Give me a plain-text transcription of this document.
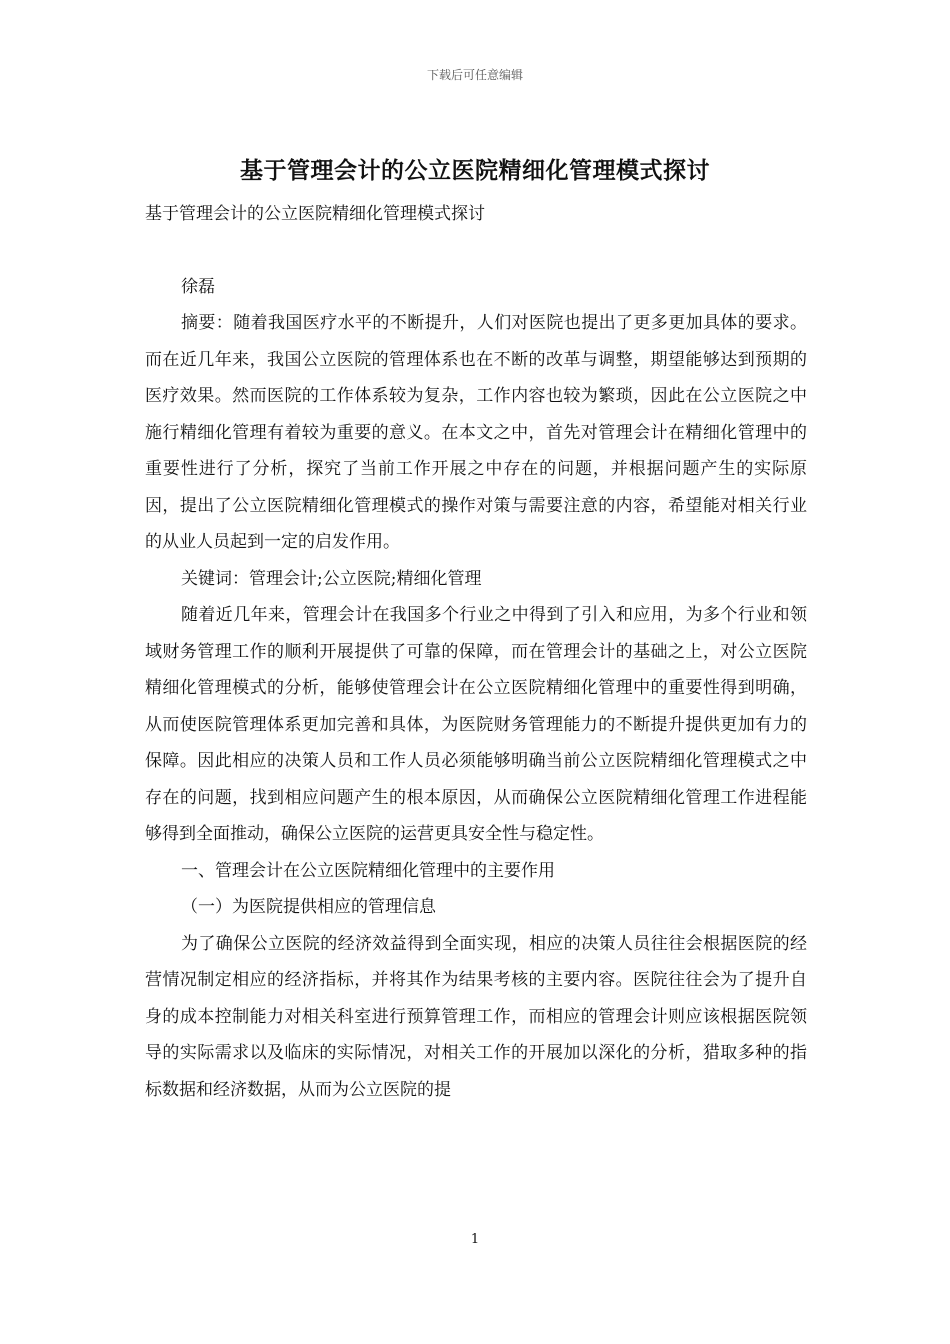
下载后可任意编辑
基于管理会计的公立医院精细化管理模式探讨

基于管理会计的公立医院精细化管理模式探讨

徐磊

摘要：随着我国医疗水平的不断提升，人们对医院也提出了更多更加具体的要求。而在近几年来，我国公立医院的管理体系也在不断的改革与调整，期望能够达到预期的医疗效果。然而医院的工作体系较为复杂，工作内容也较为繁琐，因此在公立医院之中施行精细化管理有着较为重要的意义。在本文之中，首先对管理会计在精细化管理中的重要性进行了分析，探究了当前工作开展之中存在的问题，并根据问题产生的实际原因，提出了公立医院精细化管理模式的操作对策与需要注意的内容，希望能对相关行业的从业人员起到一定的启发作用。

关键词：管理会计;公立医院;精细化管理

随着近几年来，管理会计在我国多个行业之中得到了引入和应用，为多个行业和领域财务管理工作的顺利开展提供了可靠的保障，而在管理会计的基础之上，对公立医院精细化管理模式的分析，能够使管理会计在公立医院精细化管理中的重要性得到明确，从而使医院管理体系更加完善和具体，为医院财务管理能力的不断提升提供更加有力的保障。因此相应的决策人员和工作人员必须能够明确当前公立医院精细化管理模式之中存在的问题，找到相应问题产生的根本原因，从而确保公立医院精细化管理工作进程能够得到全面推动，确保公立医院的运营更具安全性与稳定性。

一、管理会计在公立医院精细化管理中的主要作用

（一）为医院提供相应的管理信息

为了确保公立医院的经济效益得到全面实现，相应的决策人员往往会根据医院的经营情况制定相应的经济指标，并将其作为结果考核的主要内容。医院往往会为了提升自身的成本控制能力对相关科室进行预算管理工作，而相应的管理会计则应该根据医院领导的实际需求以及临床的实际情况，对相关工作的开展加以深化的分析，猎取多种的指标数据和经济数据，从而为公立医院的提

1
